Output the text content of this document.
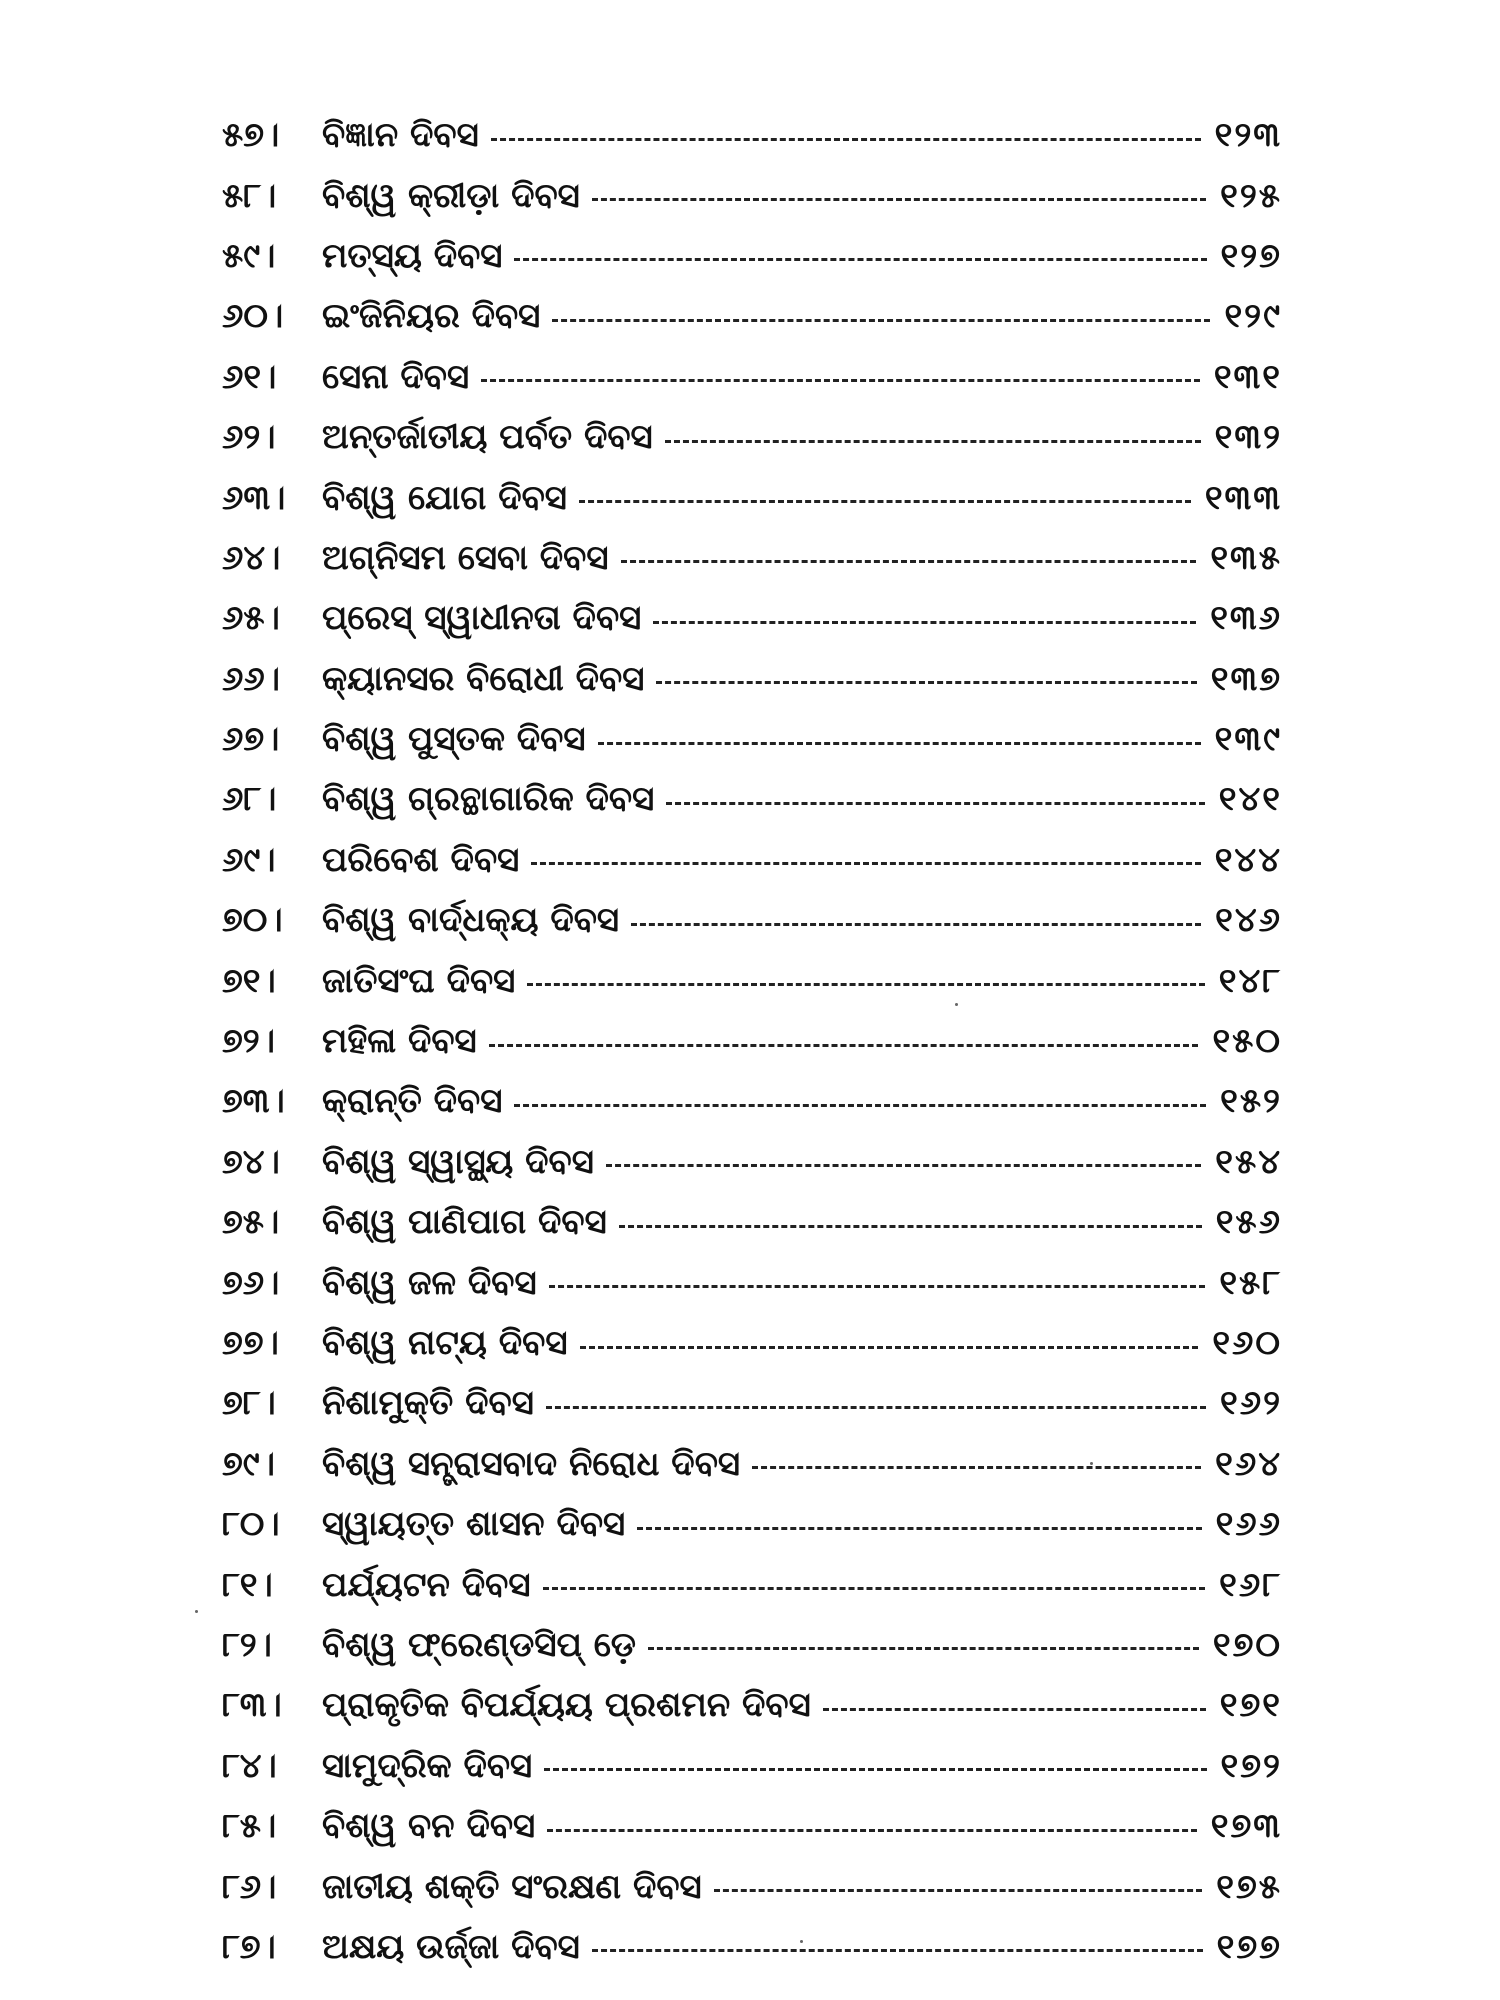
୫୭।	ବିଜ୍ଞାନ ଦିବସ	୧୨୩
୫୮।	ବିଶ୍ୱ କ୍ରୀଡ଼ା ଦିବସ	୧୨୫
୫୯।	ମତ୍ସ୍ୟ ଦିବସ	୧୨୭
୬୦।	ଇଂଜିନିୟର ଦିବସ	୧୨୯
୬୧।	ସେନା ଦିବସ	୧୩୧
୬୨।	ଅନ୍ତର୍ଜାତୀୟ ପର୍ବତ ଦିବସ	୧୩୨
୬୩।	ବିଶ୍ୱ ଯୋଗ ଦିବସ	୧୩୩
୬୪।	ଅଗ୍ନିସମ ସେବା ଦିବସ	୧୩୫
୬୫।	ପ୍ରେସ୍ ସ୍ୱାଧୀନତା ଦିବସ	୧୩୬
୬୬।	କ୍ୟାନସର ବିରୋଧୀ ଦିବସ	୧୩୭
୬୭।	ବିଶ୍ୱ ପୁସ୍ତକ ଦିବସ	୧୩୯
୬୮।	ବିଶ୍ୱ ଗ୍ରନ୍ଥାଗାରିକ ଦିବସ	୧୪୧
୬୯।	ପରିବେଶ ଦିବସ	୧୪୪
୭୦।	ବିଶ୍ୱ ବାର୍ଦ୍ଧକ୍ୟ ଦିବସ	୧୪୬
୭୧।	ଜାତିସଂଘ ଦିବସ	୧୪୮
୭୨।	ମହିଳା ଦିବସ	୧୫୦
୭୩।	କ୍ରାନ୍ତି ଦିବସ	୧୫୨
୭୪।	ବିଶ୍ୱ ସ୍ୱାସ୍ଥ୍ୟ ଦିବସ	୧୫୪
୭୫।	ବିଶ୍ୱ ପାଣିପାଗ ଦିବସ	୧୫୬
୭୬।	ବିଶ୍ୱ ଜଳ ଦିବସ	୧୫୮
୭୭।	ବିଶ୍ୱ ନାଟ୍ୟ ଦିବସ	୧୬୦
୭୮।	ନିଶାମୁକ୍ତି ଦିବସ	୧୬୨
୭୯।	ବିଶ୍ୱ ସନ୍ତ୍ରାସବାଦ ନିରୋଧ ଦିବସ	୧୬୪
୮୦।	ସ୍ୱାୟତ୍ତ ଶାସନ ଦିବସ	୧୬୬
୮୧।	ପର୍ଯ୍ୟଟନ ଦିବସ	୧୬୮
୮୨।	ବିଶ୍ୱ ଫ୍ରେଣ୍ଡସିପ୍ ଡ଼େ	୧୭୦
୮୩।	ପ୍ରାକୃତିକ ବିପର୍ଯ୍ୟୟ ପ୍ରଶମନ ଦିବସ	୧୭୧
୮୪।	ସାମୁଦ୍ରିକ ଦିବସ	୧୭୨
୮୫।	ବିଶ୍ୱ ବନ ଦିବସ	୧୭୩
୮୬।	ଜାତୀୟ ଶକ୍ତି ସଂରକ୍ଷଣ ଦିବସ	୧୭୫
୮୭।	ଅକ୍ଷୟ ଉର୍ଜ୍ଜା ଦିବସ	୧୭୭
